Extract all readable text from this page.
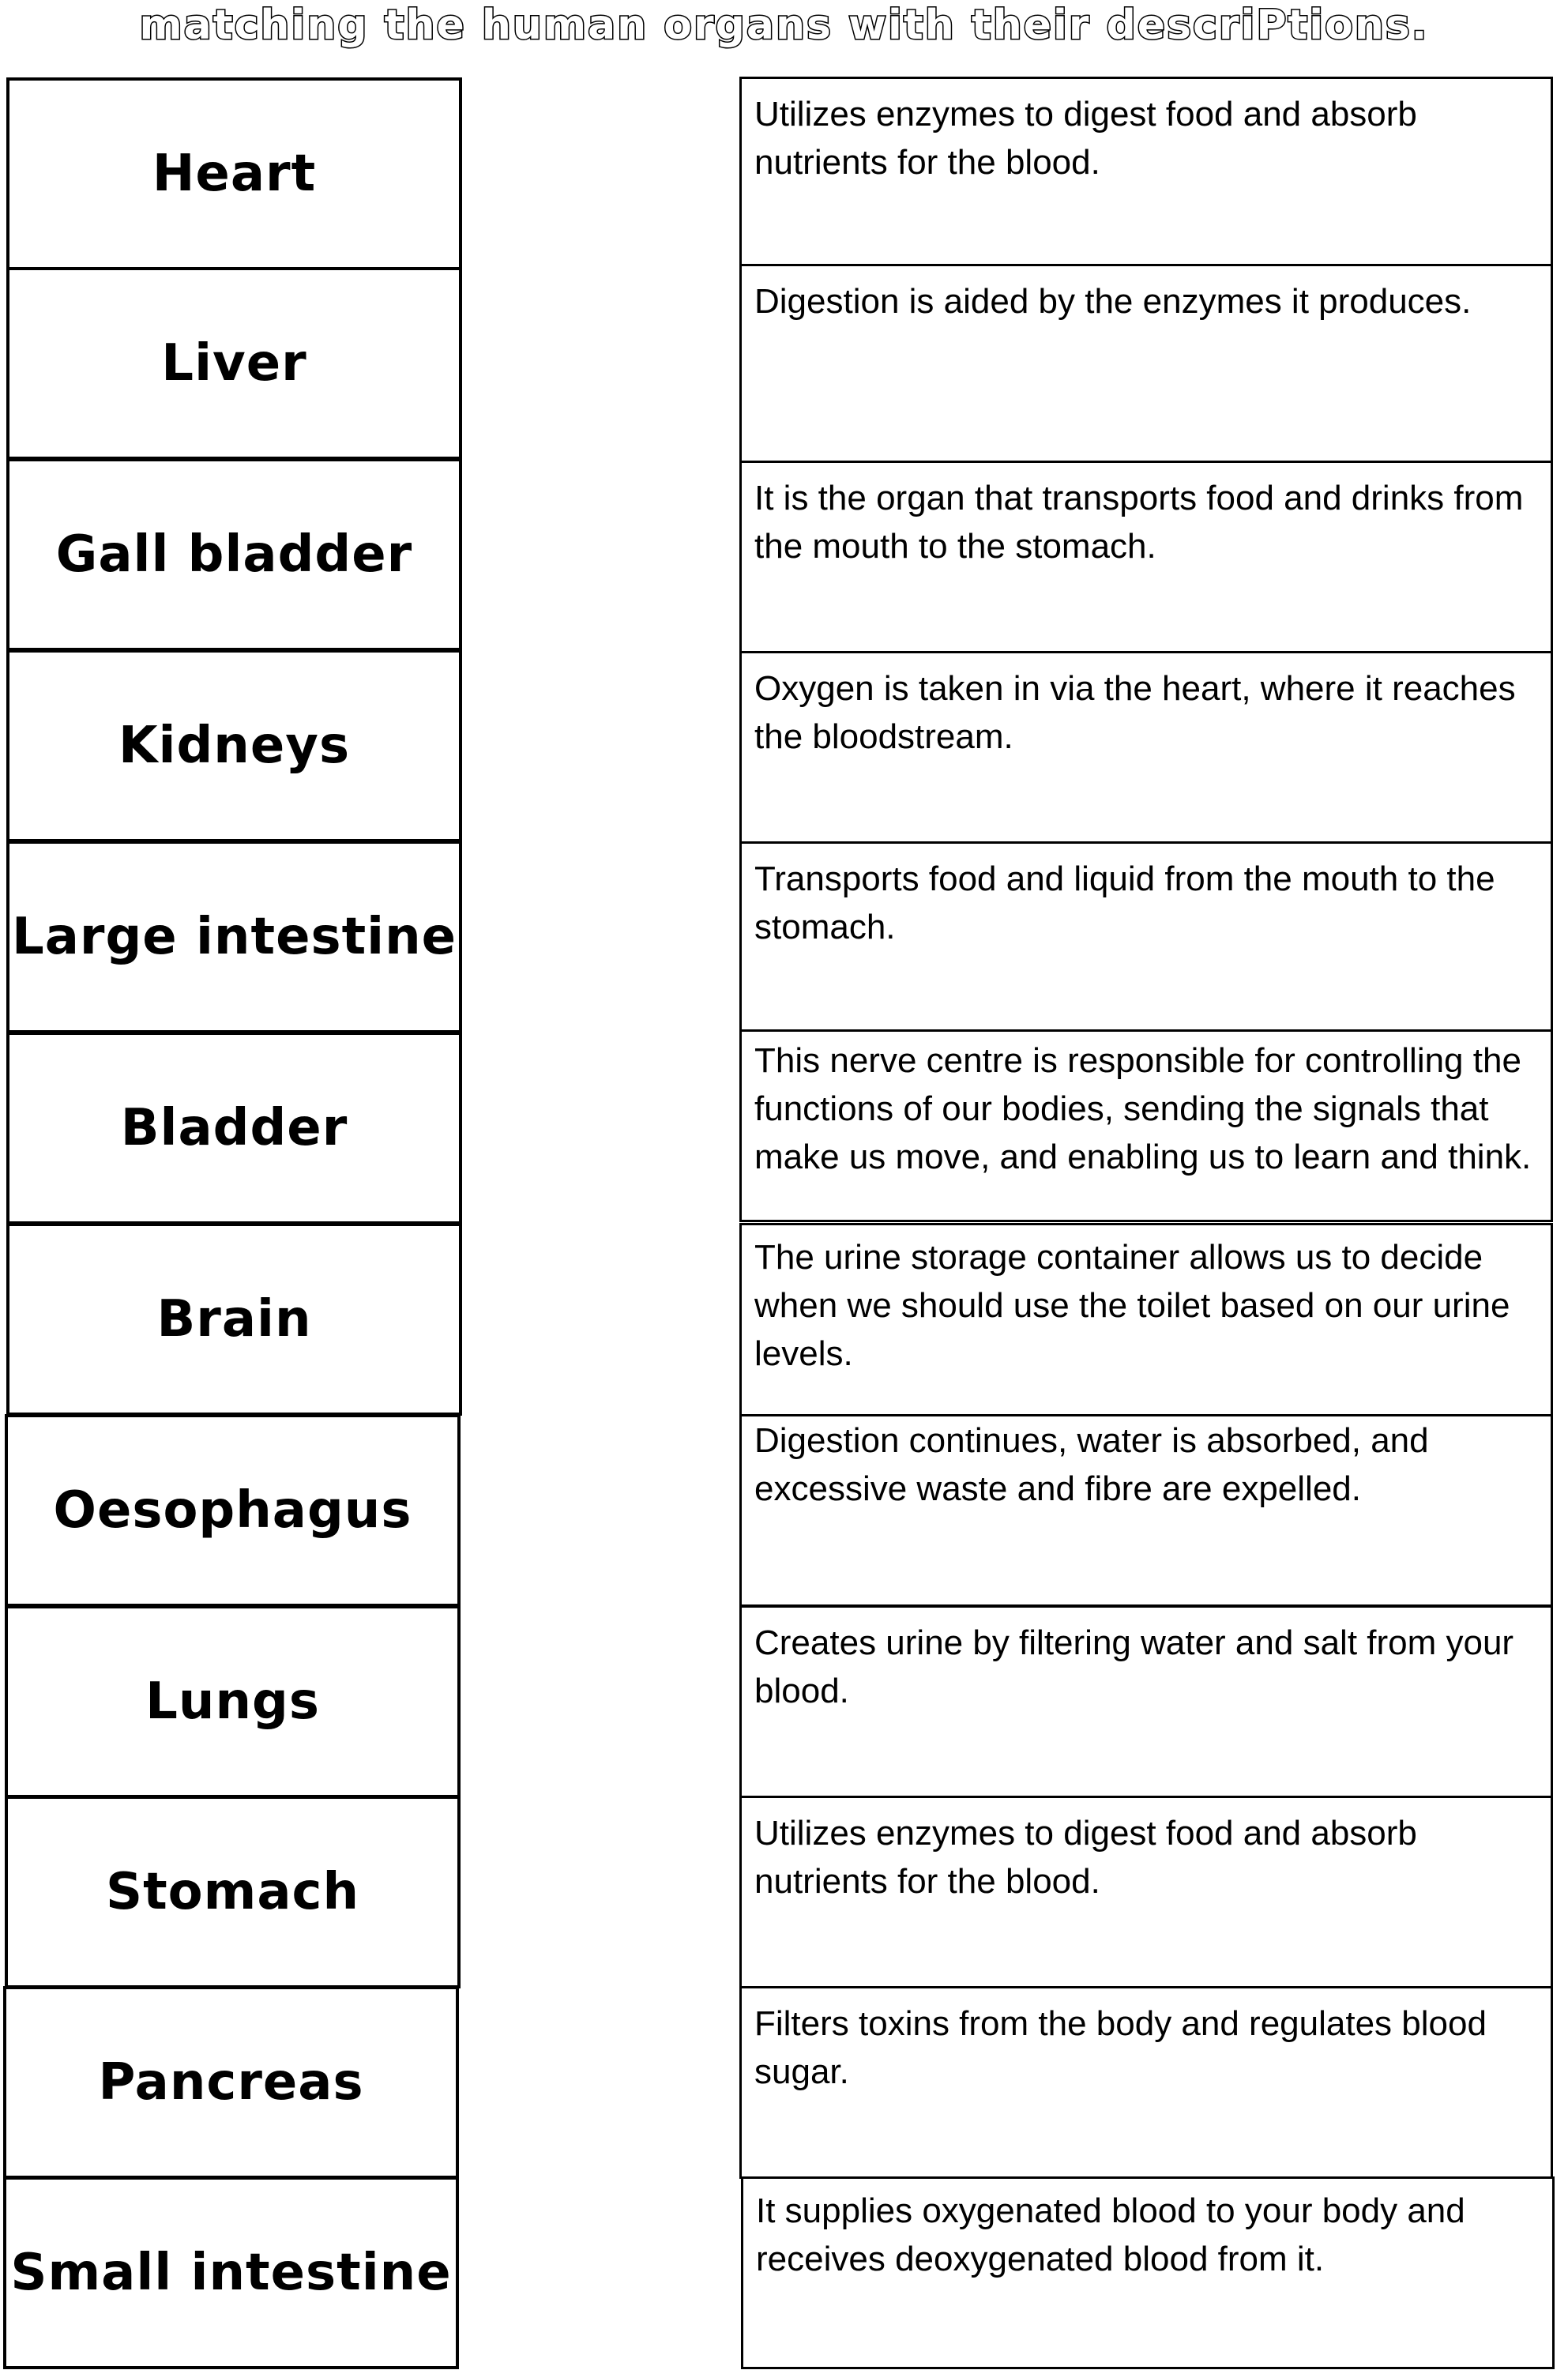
matching the human organs with their descriPtions.
Heart
Liver
Gall bladder
Kidneys
Large intestine
Bladder
Brain
Oesophagus
Lungs
Stomach
Pancreas
Small intestine
Utilizes enzymes to digest food and absorb nutrients for the blood.
Digestion is aided by the enzymes it produces.
It is the organ that transports food and drinks from the mouth to the stomach.
Oxygen is taken in via the heart, where it reaches the bloodstream.
Transports food and liquid from the mouth to the stomach.
This nerve centre is responsible for controlling the functions of our bodies, sending the signals that make us move, and enabling us to learn and think.
The urine storage container allows us to decide when we should use the toilet based on our urine levels.
Digestion continues, water is absorbed, and excessive waste and fibre are expelled.
Creates urine by filtering water and salt from your blood.
Utilizes enzymes to digest food and absorb nutrients for the blood.
Filters toxins from the body and regulates blood sugar.
It supplies oxygenated blood to your body and receives deoxygenated blood from it.
